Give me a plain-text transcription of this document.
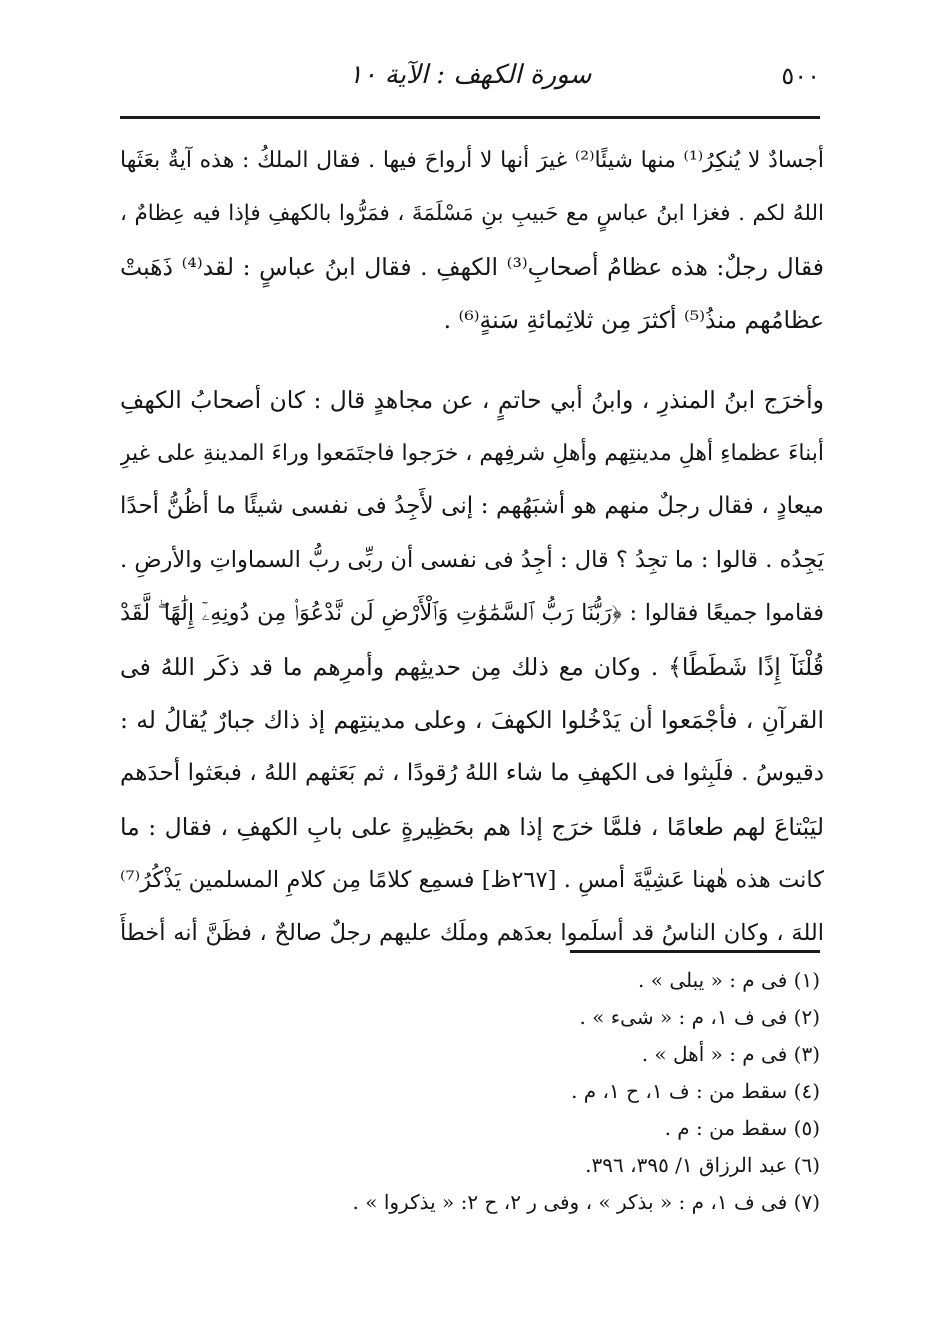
٥٠٠
سورة الكهف : الآية ١٠
أجسادٌ لا يُنكِرُ⁽¹⁾ منها شيئًا⁽²⁾ غيرَ أنها لا أرواحَ فيها . فقال الملكُ : هذه آيةٌ بعَثَها
اللهُ لكم . فغزا ابنُ عباسٍ مع حَبيبِ بنِ مَسْلَمَةَ ، فمَرُّوا بالكهفِ فإذا فيه عِظامٌ ،
فقال رجلٌ: هذه عظامُ أصحابِ⁽³⁾ الكهفِ . فقال ابنُ عباسٍ : لقد⁽⁴⁾ ذَهَبتْ
عظامُهم منذُ⁽⁵⁾ أكثرَ مِن ثلاثِمائةِ سَنةٍ⁽⁶⁾ .
وأخرَج ابنُ المنذرِ ، وابنُ أبي حاتمٍ ، عن مجاهدٍ قال : كان أصحابُ الكهفِ
أبناءَ عظماءِ أهلِ مدينتِهم وأهلِ شرفِهم ، خرَجوا فاجتَمَعوا وراءَ المدينةِ على غيرِ
ميعادٍ ، فقال رجلٌ منهم هو أشبَهُهم : إنى لأَجِدُ فى نفسى شيئًا ما أظُنُّ أحدًا
يَجِدُه . قالوا : ما تجِدُ ؟ قال : أجِدُ فى نفسى أن ربِّى ربُّ السماواتِ والأرضِ .
فقاموا جميعًا فقالوا : ﴿رَبُّنَا رَبُّ ٱلسَّمَٰوَٰتِ وَٱلْأَرْضِ لَن نَّدْعُوَا۟ مِن دُونِهِۦٓ إِلَٰهًا ۖ لَّقَدْ
قُلْنَآ إِذًا شَطَطًا﴾ . وكان مع ذلك مِن حديثِهم وأمرِهم ما قد ذكَر اللهُ فى
القرآنِ ، فأجْمَعوا أن يَدْخُلوا الكهفَ ، وعلى مدينتِهم إذ ذاك جبارٌ يُقالُ له :
دقيوسُ . فلَبِثوا فى الكهفِ ما شاء اللهُ رُقودًا ، ثم بَعَثهم اللهُ ، فبعَثوا أحدَهم
ليَبْتاعَ لهم طعامًا ، فلمَّا خرَج إذا هم بحَظِيرةٍ على بابِ الكهفِ ، فقال : ما
كانت هذه هٰهنا عَشِيَّةَ أمسِ . [٢٦٧ظ] فسمِع كلامًا مِن كلامِ المسلمين يَذْكُرُ⁽⁷⁾
اللهَ ، وكان الناسُ قد أسلَموا بعدَهم وملَك عليهم رجلٌ صالحٌ ، فظَنَّ أنه أخطأَ
(١) فى م : « يبلى » .
(٢) فى ف ١، م : « شىء » .
(٣) فى م : « أهل » .
(٤) سقط من : ف ١، ح ١، م .
(٥) سقط من : م .
(٦) عبد الرزاق ١/ ٣٩٥، ٣٩٦.
(٧) فى ف ١، م : « بذكر » ، وفى ر ٢، ح ٢: « يذكروا » .
